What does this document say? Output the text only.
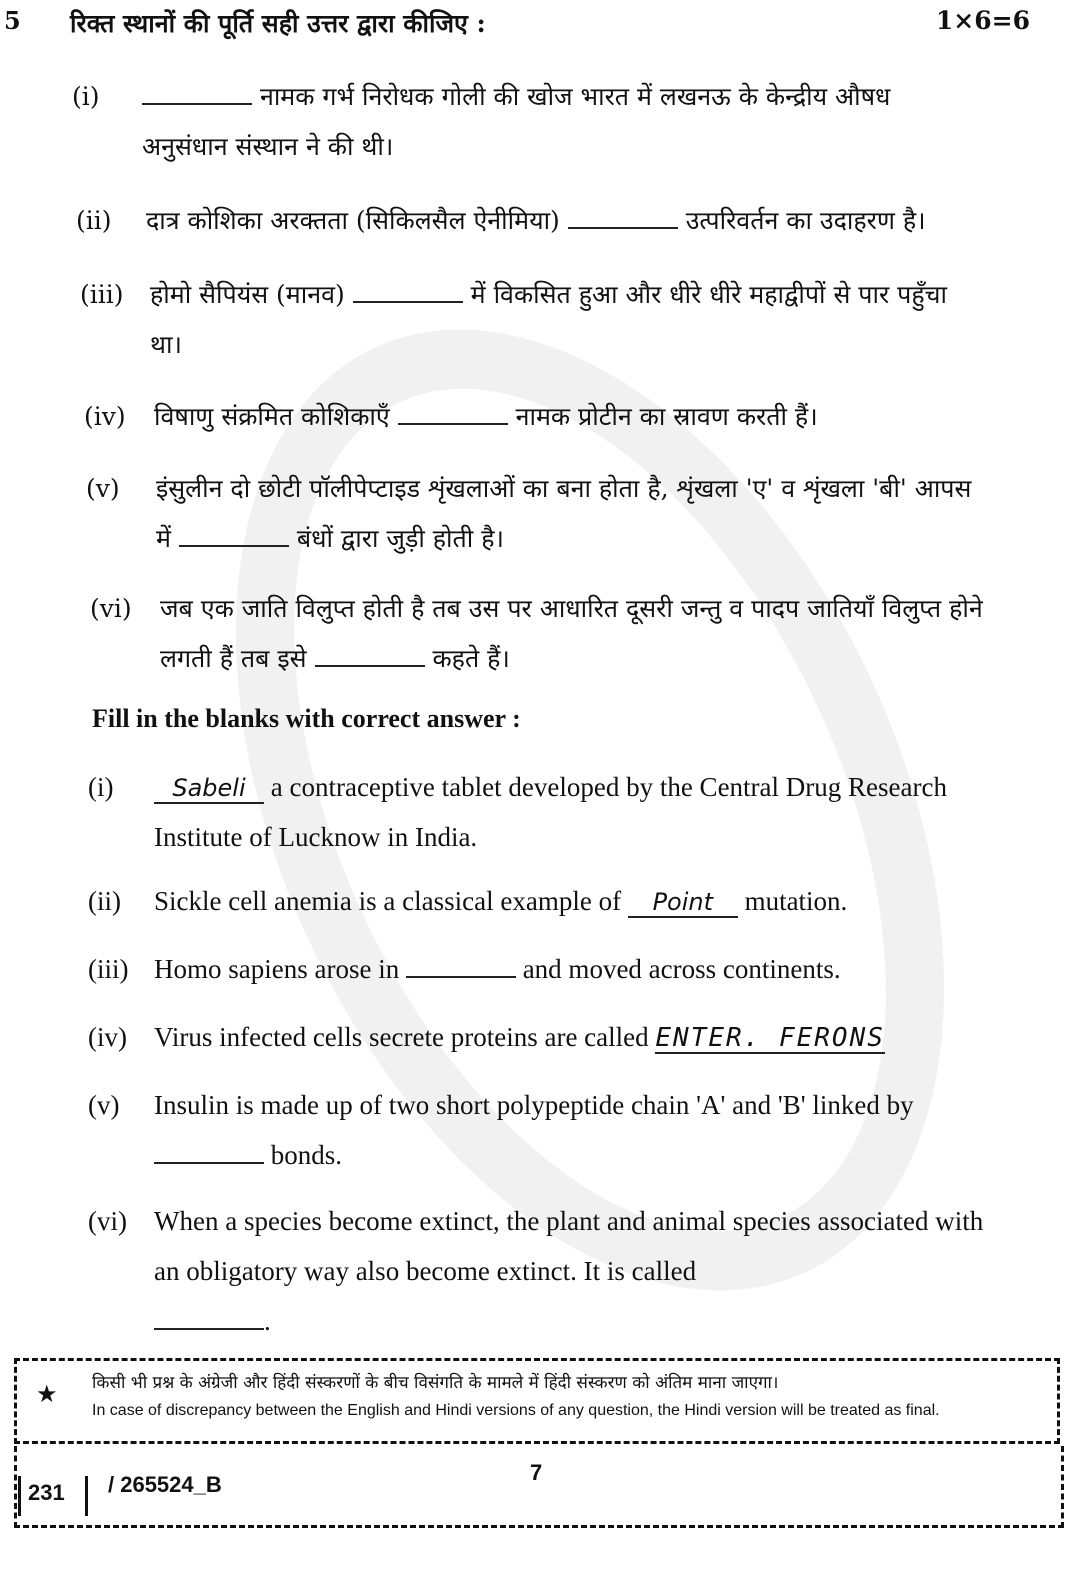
5 रिक्त स्थानों की पूर्ति सही उत्तर द्वारा कीजिए :	1×6=6
(i)	नामक गर्भ निरोधक गोली की खोज भारत में लखनऊ के केन्द्रीय औषध अनुसंधान संस्थान ने की थी।
(ii)	दात्र कोशिका अरक्तता (सिकिलसैल ऐनीमिया)	उत्परिवर्तन का उदाहरण है।
(iii)	होमो सैपियंस (मानव)	में विकसित हुआ और धीरे धीरे महाद्वीपों से पार पहुँचा था।
(iv)	विषाणु संक्रमित कोशिकाएँ	नामक प्रोटीन का स्रावण करती हैं।
(v)	इंसुलीन दो छोटी पॉलीपेप्टाइड शृंखलाओं का बना होता है, शृंखला 'ए' व शृंखला 'बी' आपस में	बंधों द्वारा जुड़ी होती है।
(vi)	जब एक जाति विलुप्त होती है तब उस पर आधारित दूसरी जन्तु व पादप जातियाँ विलुप्त होने लगती हैं तब इसे	कहते हैं।
Fill in the blanks with correct answer :
(i)	Sabeli a contraceptive tablet developed by the Central Drug Research Institute of Lucknow in India.
(ii)	Sickle cell anemia is a classical example of Point mutation.
(iii) Homo sapiens arose in	and moved across continents.
(iv)	Virus infected cells secrete proteins are called ENTER. FERONS
(v)	Insulin is made up of two short polypeptide chain 'A' and 'B' linked by  bonds.
(vi)	When a species become extinct, the plant and animal species associated with an obligatory way also become extinct. It is called
.
★ किसी भी प्रश्न के अंग्रेजी और हिंदी संस्करणों के बीच विसंगति के मामले में हिंदी संस्करण को अंतिम माना जाएगा।
In case of discrepancy between the English and Hindi versions of any question, the Hindi version will be treated as final.
7
231 / 265524_B
